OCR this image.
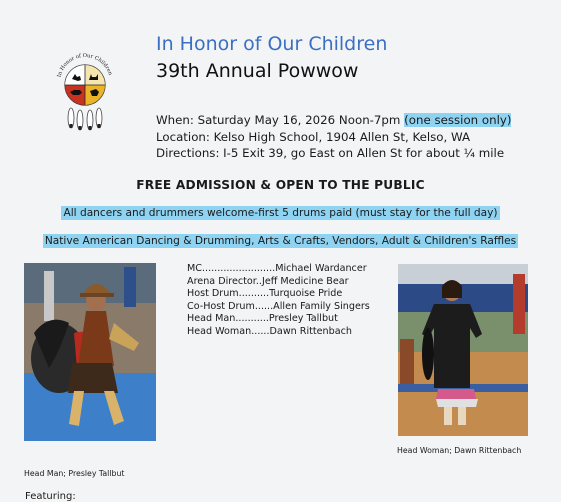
In Honor of Our Children
In Honor of Our Children
39th Annual Powwow
When: Saturday May 16, 2026 Noon-7pm (one session only)
Location: Kelso High School, 1904 Allen St, Kelso, WA
Directions: I-5 Exit 39, go East on Allen St for about ¼ mile
FREE ADMISSION & OPEN TO THE PUBLIC
All dancers and drummers welcome-first 5 drums paid (must stay for the full day)
Native American Dancing & Drumming, Arts & Crafts, Vendors, Adult & Children's Raffles
MC........................Michael Wardancer
Arena Director..Jeff Medicine Bear
Host Drum..........Turquoise Pride
Co-Host Drum......Allen Family Singers
Head Man...........Presley Tallbut
Head Woman......Dawn Rittenbach
Head Man; Presley Tallbut
Head Woman; Dawn Rittenbach
Featuring:
